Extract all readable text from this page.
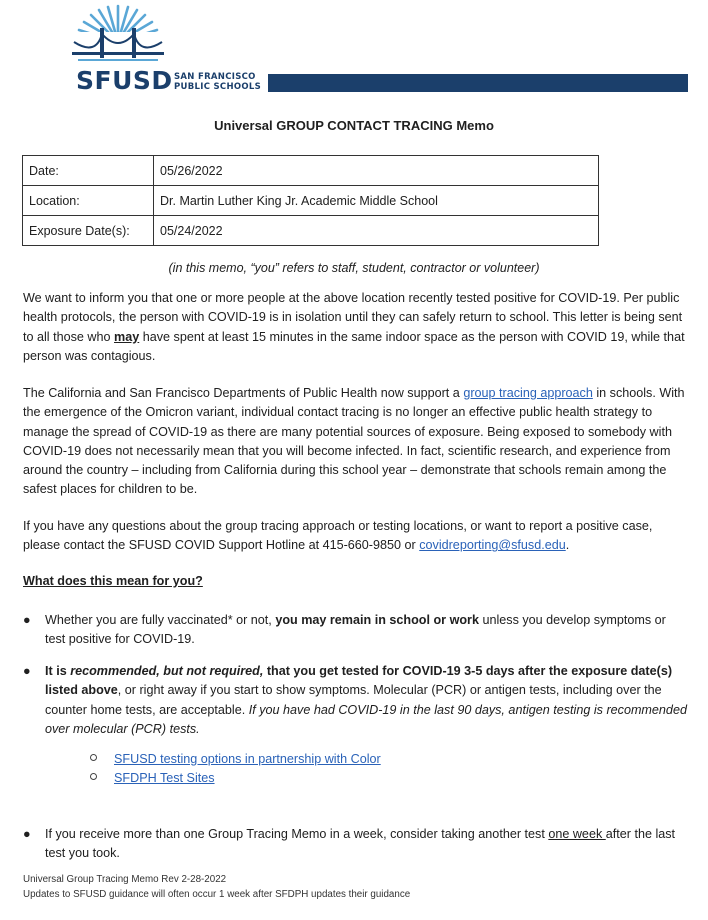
SFUSD SAN FRANCISCO
PUBLIC SCHOOLS
Universal GROUP CONTACT TRACING Memo
Date:	05/26/2022
Location:	Dr. Martin Luther King Jr. Academic Middle School
Exposure Date(s):	05/24/2022
(in this memo, “you” refers to staff, student, contractor or volunteer)

We want to inform you that one or more people at the above location recently tested positive for COVID-19. Per public health protocols, the person with COVID-19 is in isolation until they can safely return to school. This letter is being sent to all those who may have spent at least 15 minutes in the same indoor space as the person with COVID 19, while that person was contagious.

The California and San Francisco Departments of Public Health now support a group tracing approach in schools. With the emergence of the Omicron variant, individual contact tracing is no longer an effective public health strategy to manage the spread of COVID-19 as there are many potential sources of exposure. Being exposed to somebody with COVID-19 does not necessarily mean that you will become infected. In fact, scientific research, and experience from around the country – including from California during this school year – demonstrate that schools remain among the safest places for children to be.

If you have any questions about the group tracing approach or testing locations, or want to report a positive case, please contact the SFUSD COVID Support Hotline at 415-660-9850 or covidreporting@sfusd.edu.

What does this mean for you?
● Whether you are fully vaccinated* or not, you may remain in school or work unless you develop symptoms or test positive for COVID-19.
● It is recommended, but not required, that you get tested for COVID-19 3-5 days after the exposure date(s) listed above, or right away if you start to show symptoms. Molecular (PCR) or antigen tests, including over the counter home tests, are acceptable. If you have had COVID-19 in the last 90 days, antigen testing is recommended over molecular (PCR) tests.
SFUSD testing options in partnership with Color
SFDPH Test Sites
● If you receive more than one Group Tracing Memo in a week, consider taking another test one week after the last test you took.
Universal Group Tracing Memo Rev 2-28-2022
Updates to SFUSD guidance will often occur 1 week after SFDPH updates their guidance
